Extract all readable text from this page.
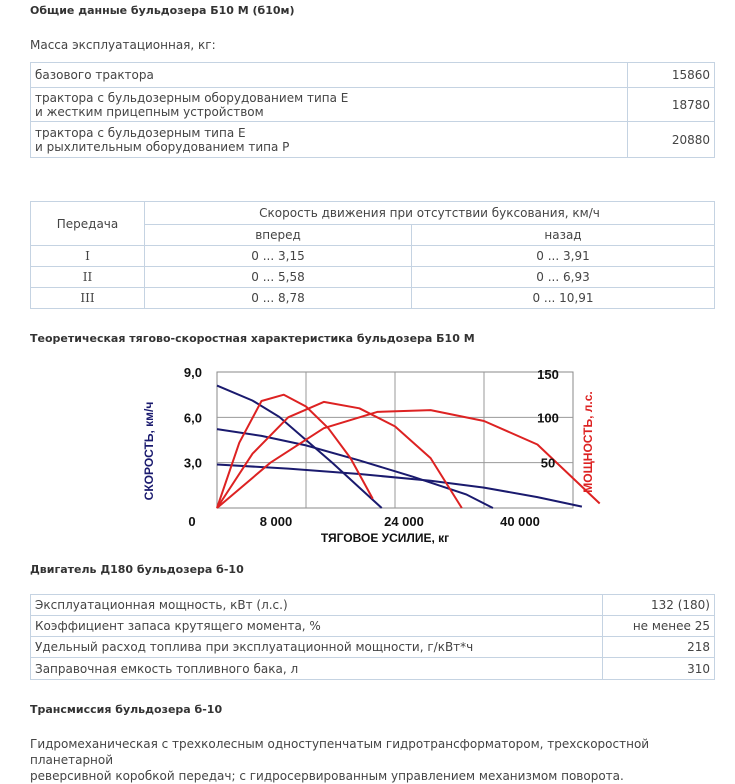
Общие данные бульдозера Б10 М (б10м)

Масса эксплуатационная, кг:

базового трактора	15860
трактора с бульдозерным оборудованием типа Е
и жестким прицепным устройством	18780
трактора с бульдозерным типа Е
и рыхлительным оборудованием типа Р	20880
Передача	Скорость движения при отсутствии буксования, км/ч	
	вперед	назад
I	0 ... 3,15	0 ... 3,91
II	0 ... 5,58	0 ... 6,93
III	0 ... 8,78	0 ... 10,91
Теоретическая тягово-скоростная характеристика бульдозера Б10 М
3,0
6,0
9,0
50
100
150
0	8 000	24 000	40 000
СКОРОСТЬ, км/ч	МОЩНОСТЬ, л.с.
ТЯГОВОЕ УСИЛИЕ, кг
Двигатель Д180 бульдозера б-10
Эксплуатационная мощность, кВт (л.с.)	132 (180)
Коэффициент запаса крутящего момента, %	не менее 25
Удельный расход топлива при эксплуатационной мощности, г/кВт*ч	218
Заправочная емкость топливного бака, л	310
Трансмиссия бульдозера б-10

Гидромеханическая с трехколесным одноступенчатым гидротрансформатором, трехскоростной планетарной
реверсивной коробкой передач; с гидросервированным управлением механизмом поворота.
